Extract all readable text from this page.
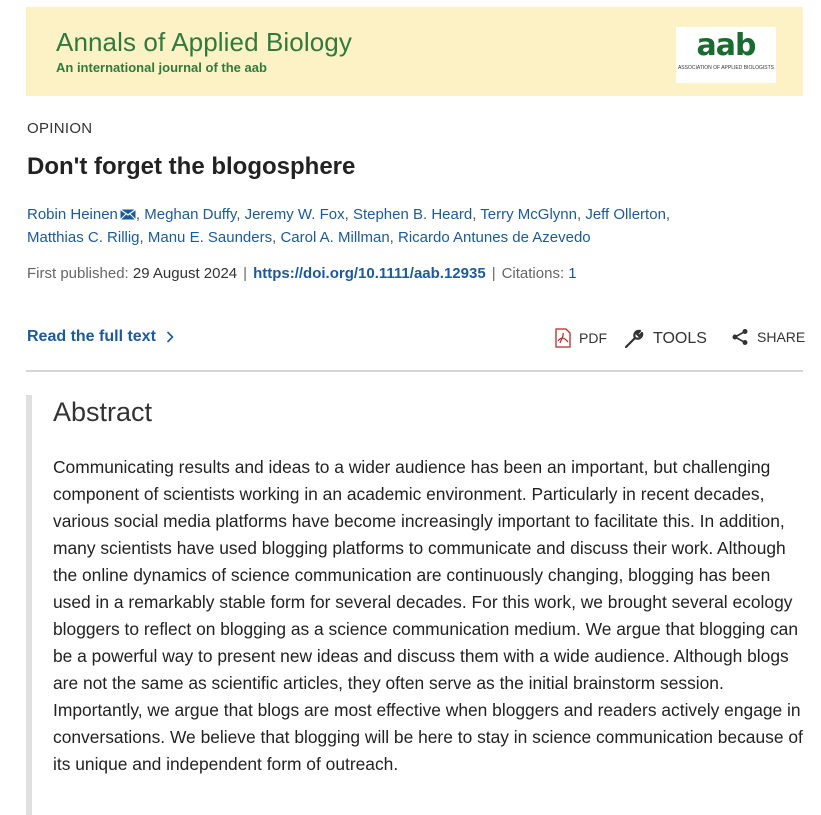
Annals of Applied Biology
An international journal of the aab
aab
ASSOCIATION OF APPLIED BIOLOGISTS
OPINION
Don't forget the blogosphere
Robin Heinen , Meghan Duffy, Jeremy W. Fox, Stephen B. Heard, Terry McGlynn, Jeff Ollerton,
Matthias C. Rillig, Manu E. Saunders, Carol A. Millman, Ricardo Antunes de Azevedo
First published: 29 August 2024 | https://doi.org/10.1111/aab.12935 | Citations: 1
Read the full text	PDF	TOOLS	SHARE
Abstract

Communicating results and ideas to a wider audience has been an important, but challenging component of scientists working in an academic environment. Particularly in recent decades, various social media platforms have become increasingly important to facilitate this. In addition, many scientists have used blogging platforms to communicate and discuss their work. Although the online dynamics of science communication are continuously changing, blogging has been used in a remarkably stable form for several decades. For this work, we brought several ecology bloggers to reflect on blogging as a science communication medium. We argue that blogging can be a powerful way to present new ideas and discuss them with a wide audience. Although blogs are not the same as scientific articles, they often serve as the initial brainstorm session. Importantly, we argue that blogs are most effective when bloggers and readers actively engage in conversations. We believe that blogging will be here to stay in science communication because of its unique and independent form of outreach.
